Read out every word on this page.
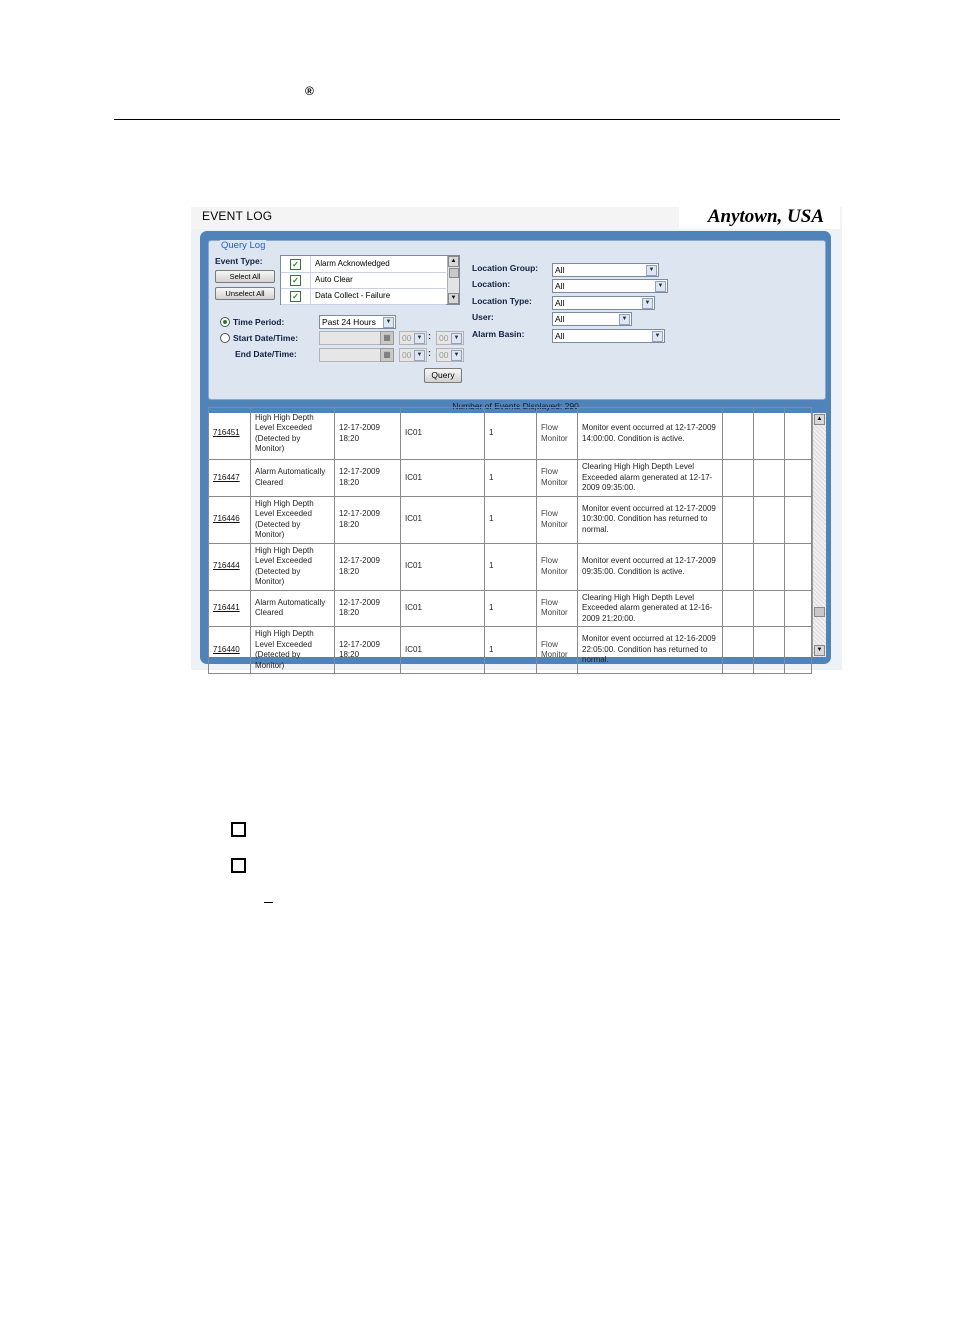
®
EVENT LOG	Anytown, USA
Query Log
Event Type:
Select All
Unselect All
✓ Alarm Acknowledged
✓ Auto Clear
✓ Data Collect - Failure
▲
▼
Time Period:	Past 24 Hours	▼
Start Date/Time:	▦	00 ▼ : 00 ▼
End Date/Time:	▦	00 ▼ : 00 ▼
Query
Location Group: All	▼
Location:	All	▼
Location Type:	All	▼
User:	All	▼
Alarm Basin:	All	▼
Number of Events Displayed: 290
716451	High High Depth Level Exceeded (Detected by Monitor)	12-17-2009 18:20	IC01	1	Flow Monitor	Monitor event occurred at 12-17-2009 14:00:00. Condition is active.			
716447	Alarm Automatically Cleared	12-17-2009 18:20	IC01	1	Flow Monitor	Clearing High High Depth Level Exceeded alarm generated at 12-17-2009 09:35:00.			
716446	High High Depth Level Exceeded (Detected by Monitor)	12-17-2009 18:20	IC01	1	Flow Monitor	Monitor event occurred at 12-17-2009 10:30:00. Condition has returned to normal.			
716444	High High Depth Level Exceeded (Detected by Monitor)	12-17-2009 18:20	IC01	1	Flow Monitor	Monitor event occurred at 12-17-2009 09:35:00. Condition is active.			
716441	Alarm Automatically Cleared	12-17-2009 18:20	IC01	1	Flow Monitor	Clearing High High Depth Level Exceeded alarm generated at 12-16-2009 21:20:00.			
716440	High High Depth Level Exceeded (Detected by Monitor)	12-17-2009 18:20	IC01	1	Flow Monitor	Monitor event occurred at 12-16-2009 22:05:00. Condition has returned to normal.			
▲
▼
